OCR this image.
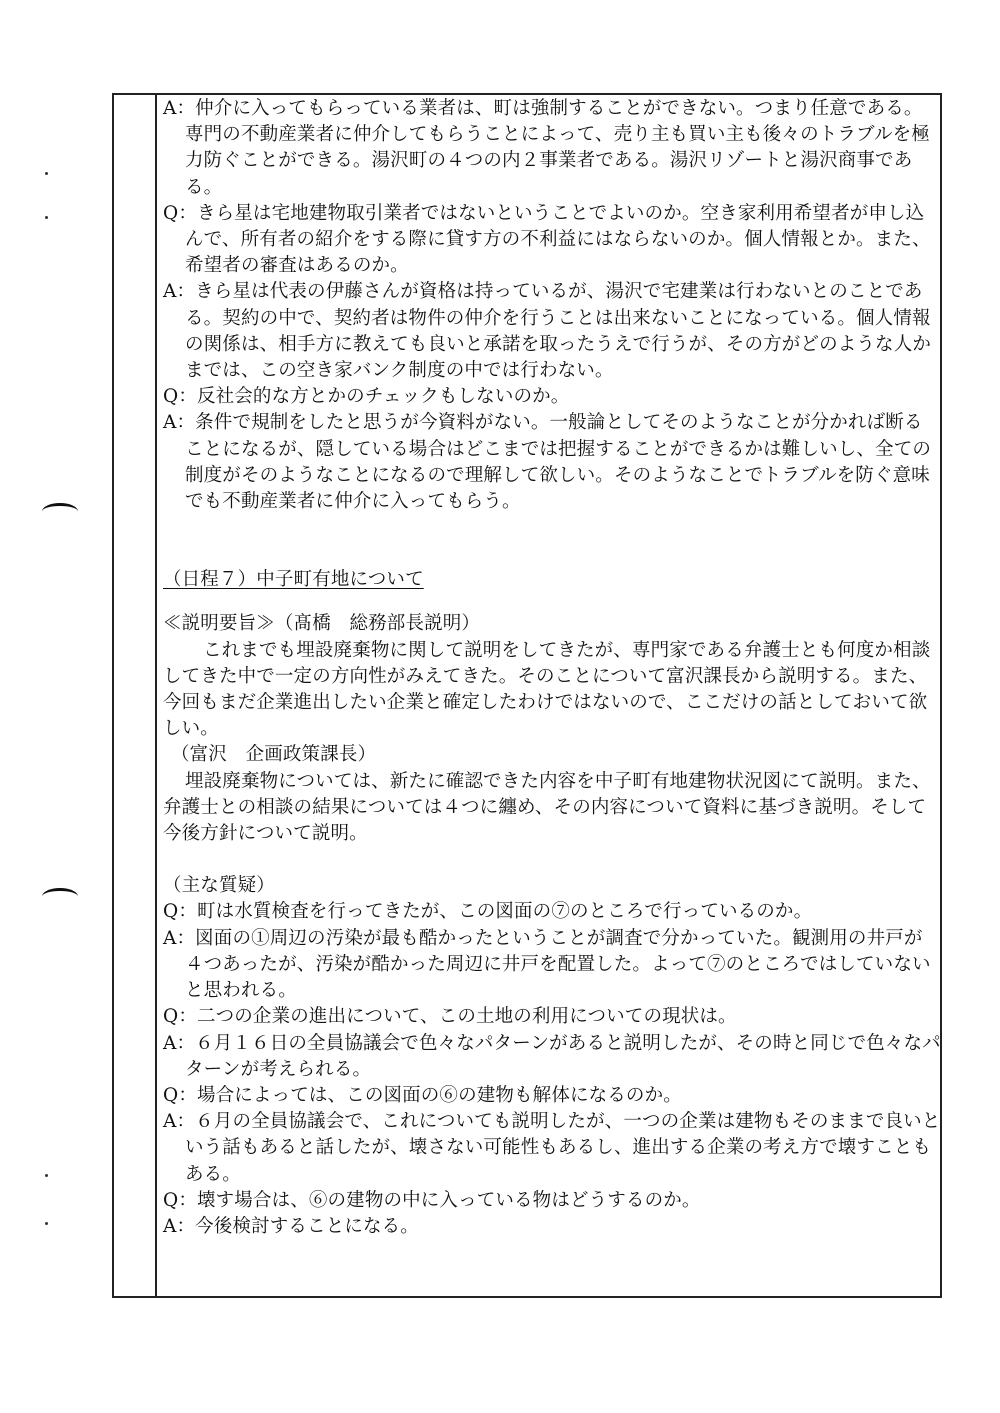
A：仲介に入ってもらっている業者は、町は強制することができない。つまり任意である。専門の不動産業者に仲介してもらうことによって、売り主も買い主も後々のトラブルを極力防ぐことができる。湯沢町の４つの内２事業者である。湯沢リゾートと湯沢商事である。

Q：きら星は宅地建物取引業者ではないということでよいのか。空き家利用希望者が申し込んで、所有者の紹介をする際に貸す方の不利益にはならないのか。個人情報とか。また、希望者の審査はあるのか。

A：きら星は代表の伊藤さんが資格は持っているが、湯沢で宅建業は行わないとのことである。契約の中で、契約者は物件の仲介を行うことは出来ないことになっている。個人情報の関係は、相手方に教えても良いと承諾を取ったうえで行うが、その方がどのような人かまでは、この空き家バンク制度の中では行わない。

Q：反社会的な方とかのチェックもしないのか。

A：条件で規制をしたと思うが今資料がない。一般論としてそのようなことが分かれば断ることになるが、隠している場合はどこまでは把握することができるかは難しいし、全ての制度がそのようなことになるので理解して欲しい。そのようなことでトラブルを防ぐ意味でも不動産業者に仲介に入ってもらう。

（日程７）中子町有地について

≪説明要旨≫（髙橋　総務部長説明）

これまでも埋設廃棄物に関して説明をしてきたが、専門家である弁護士とも何度か相談してきた中で一定の方向性がみえてきた。そのことについて富沢課長から説明する。また、今回もまだ企業進出したい企業と確定したわけではないので、ここだけの話としておいて欲しい。

（富沢　企画政策課長）

埋設廃棄物については、新たに確認できた内容を中子町有地建物状況図にて説明。また、弁護士との相談の結果については４つに纏め、その内容について資料に基づき説明。そして今後方針について説明。

（主な質疑）

Q：町は水質検査を行ってきたが、この図面の⑦のところで行っているのか。

A：図面の①周辺の汚染が最も酷かったということが調査で分かっていた。観測用の井戸が４つあったが、汚染が酷かった周辺に井戸を配置した。よって⑦のところではしていないと思われる。

Q：二つの企業の進出について、この土地の利用についての現状は。

A：６月１６日の全員協議会で色々なパターンがあると説明したが、その時と同じで色々なパターンが考えられる。

Q：場合によっては、この図面の⑥の建物も解体になるのか。

A：６月の全員協議会で、これについても説明したが、一つの企業は建物もそのままで良いという話もあると話したが、壊さない可能性もあるし、進出する企業の考え方で壊すこともある。

Q：壊す場合は、⑥の建物の中に入っている物はどうするのか。

A：今後検討することになる。
